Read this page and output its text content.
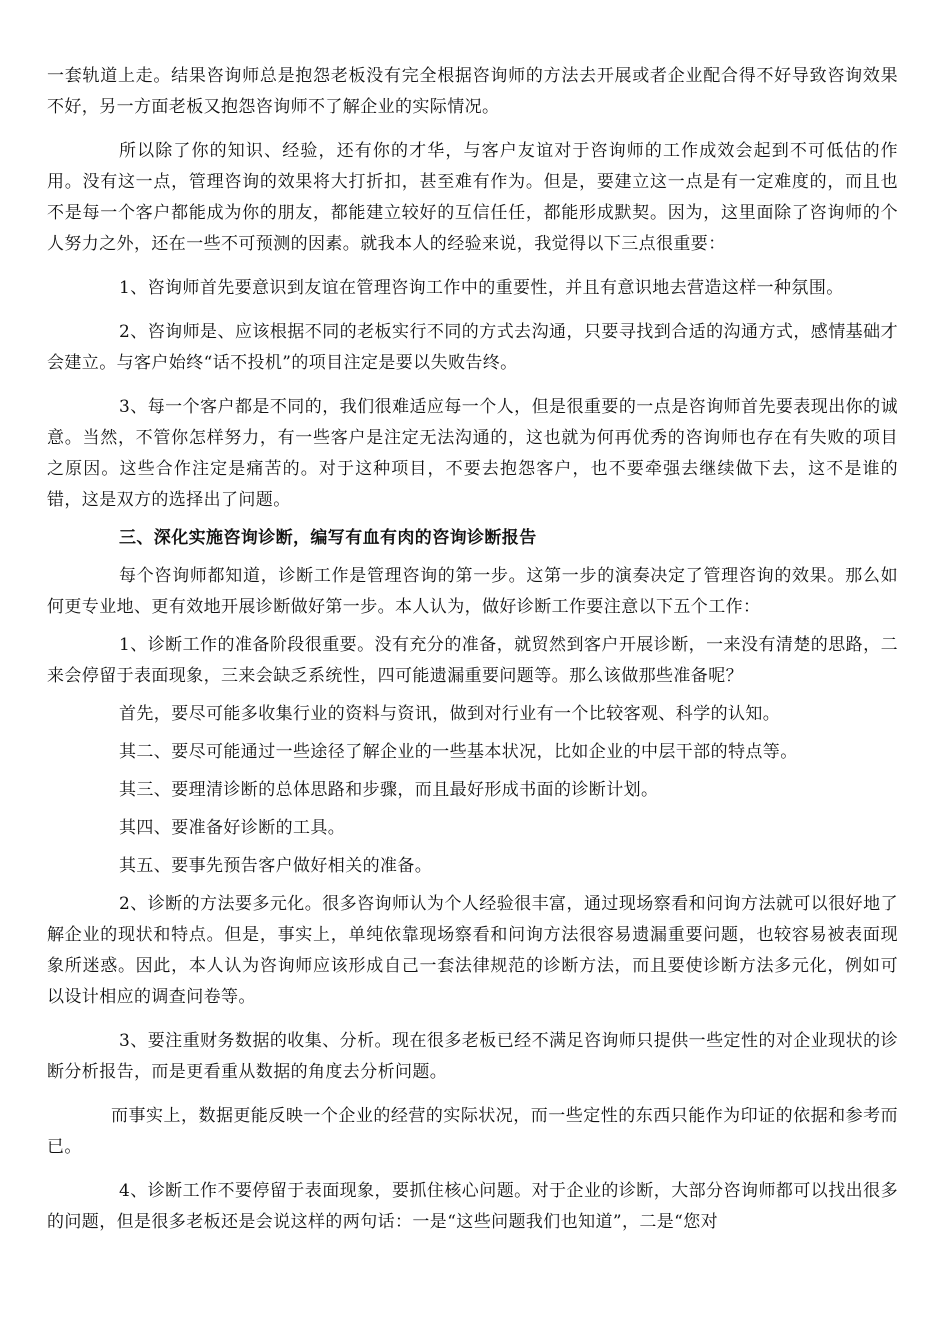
一套轨道上走。结果咨询师总是抱怨老板没有完全根据咨询师的方法去开展或者企业配合得不好导致咨询效果不好，另一方面老板又抱怨咨询师不了解企业的实际情况。

所以除了你的知识、经验，还有你的才华，与客户友谊对于咨询师的工作成效会起到不可低估的作用。没有这一点，管理咨询的效果将大打折扣，甚至难有作为。但是，要建立这一点是有一定难度的，而且也不是每一个客户都能成为你的朋友，都能建立较好的互信任任，都能形成默契。因为，这里面除了咨询师的个人努力之外，还在一些不可预测的因素。就我本人的经验来说，我觉得以下三点很重要：

1、咨询师首先要意识到友谊在管理咨询工作中的重要性，并且有意识地去营造这样一种氛围。

2、咨询师是、应该根据不同的老板实行不同的方式去沟通，只要寻找到合适的沟通方式，感情基础才会建立。与客户始终“话不投机”的项目注定是要以失败告终。

3、每一个客户都是不同的，我们很难适应每一个人，但是很重要的一点是咨询师首先要表现出你的诚意。当然，不管你怎样努力，有一些客户是注定无法沟通的，这也就为何再优秀的咨询师也存在有失败的项目之原因。这些合作注定是痛苦的。对于这种项目，不要去抱怨客户，也不要牵强去继续做下去，这不是谁的错，这是双方的选择出了问题。

三、深化实施咨询诊断，编写有血有肉的咨询诊断报告

每个咨询师都知道，诊断工作是管理咨询的第一步。这第一步的演奏决定了管理咨询的效果。那么如何更专业地、更有效地开展诊断做好第一步。本人认为，做好诊断工作要注意以下五个工作：

1、诊断工作的准备阶段很重要。没有充分的准备，就贸然到客户开展诊断，一来没有清楚的思路，二来会停留于表面现象，三来会缺乏系统性，四可能遗漏重要问题等。那么该做那些准备呢？

首先，要尽可能多收集行业的资料与资讯，做到对行业有一个比较客观、科学的认知。

其二、要尽可能通过一些途径了解企业的一些基本状况，比如企业的中层干部的特点等。

其三、要理清诊断的总体思路和步骤，而且最好形成书面的诊断计划。

其四、要准备好诊断的工具。

其五、要事先预告客户做好相关的准备。

2、诊断的方法要多元化。很多咨询师认为个人经验很丰富，通过现场察看和问询方法就可以很好地了解企业的现状和特点。但是，事实上，单纯依靠现场察看和问询方法很容易遗漏重要问题，也较容易被表面现象所迷惑。因此，本人认为咨询师应该形成自己一套法律规范的诊断方法，而且要使诊断方法多元化，例如可以设计相应的调查问卷等。

3、要注重财务数据的收集、分析。现在很多老板已经不满足咨询师只提供一些定性的对企业现状的诊断分析报告，而是更看重从数据的角度去分析问题。

而事实上，数据更能反映一个企业的经营的实际状况，而一些定性的东西只能作为印证的依据和参考而已。

4、诊断工作不要停留于表面现象，要抓住核心问题。对于企业的诊断，大部分咨询师都可以找出很多的问题，但是很多老板还是会说这样的两句话：一是“这些问题我们也知道”，二是“您对
